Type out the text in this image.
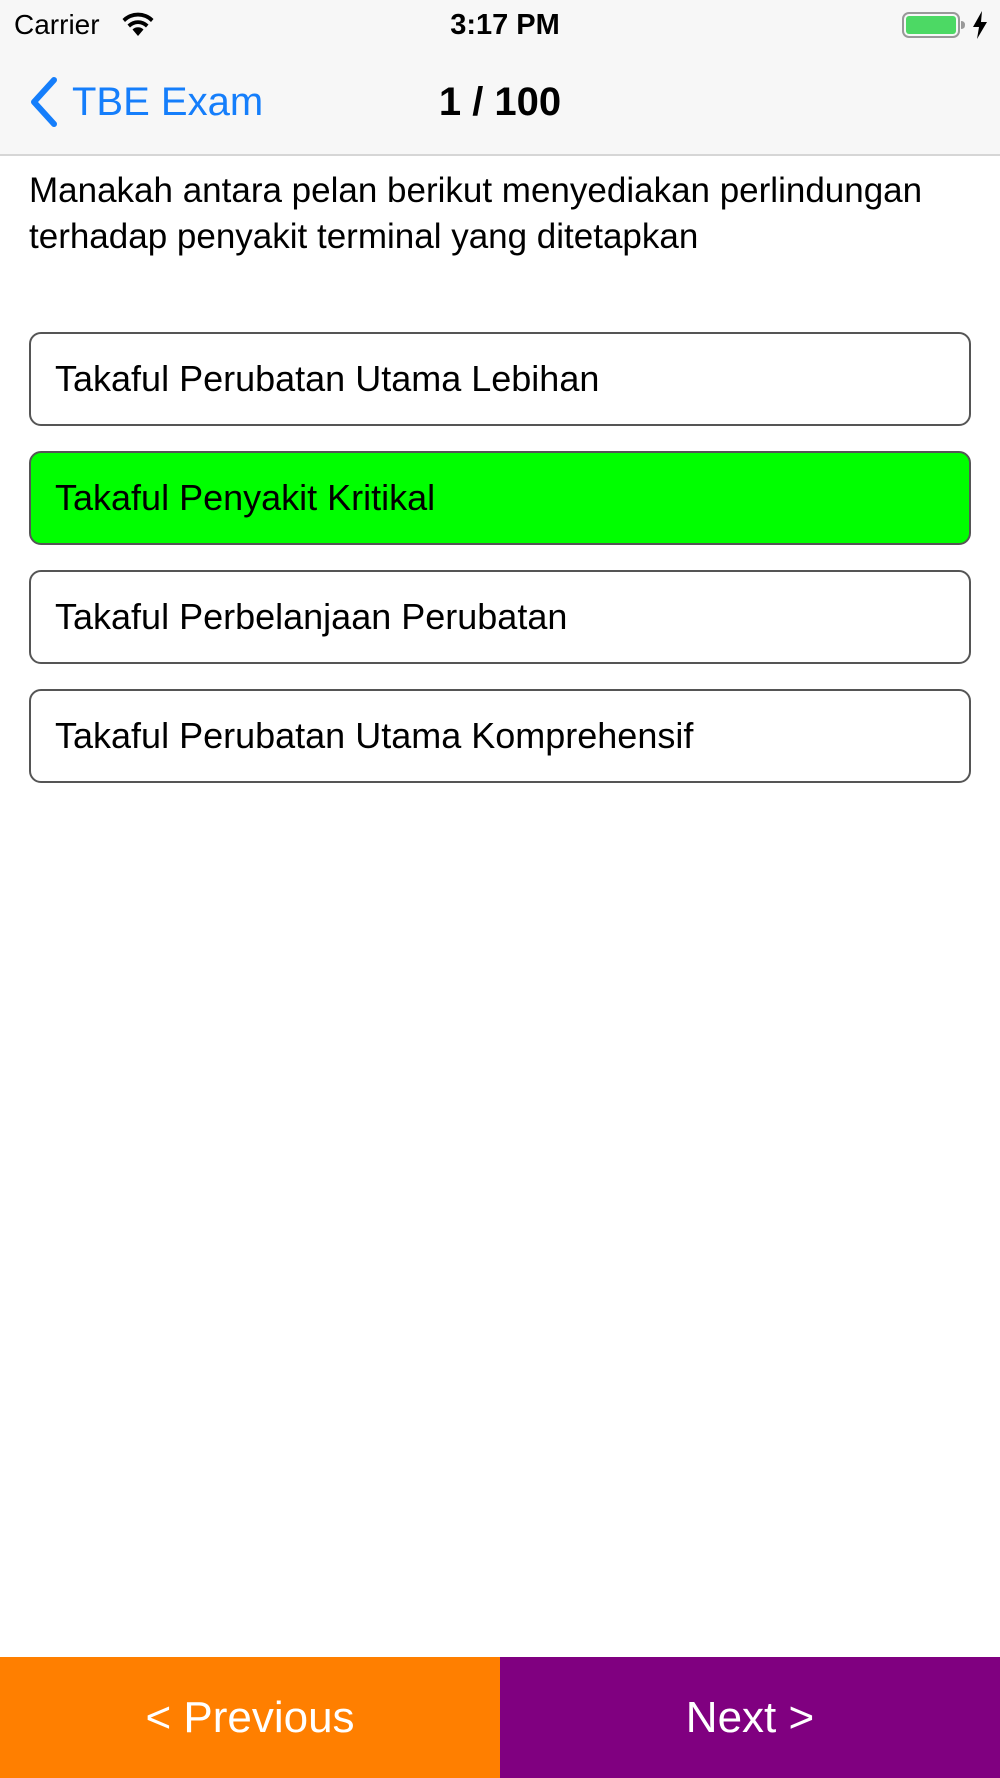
Carrier	3:17 PM
TBE Exam	1 / 100
Manakah antara pelan berikut menyediakan perlindungan terhadap penyakit terminal yang ditetapkan
Takaful Perubatan Utama Lebihan
Takaful Penyakit Kritikal
Takaful Perbelanjaan Perubatan
Takaful Perubatan Utama Komprehensif
< Previous	Next >
